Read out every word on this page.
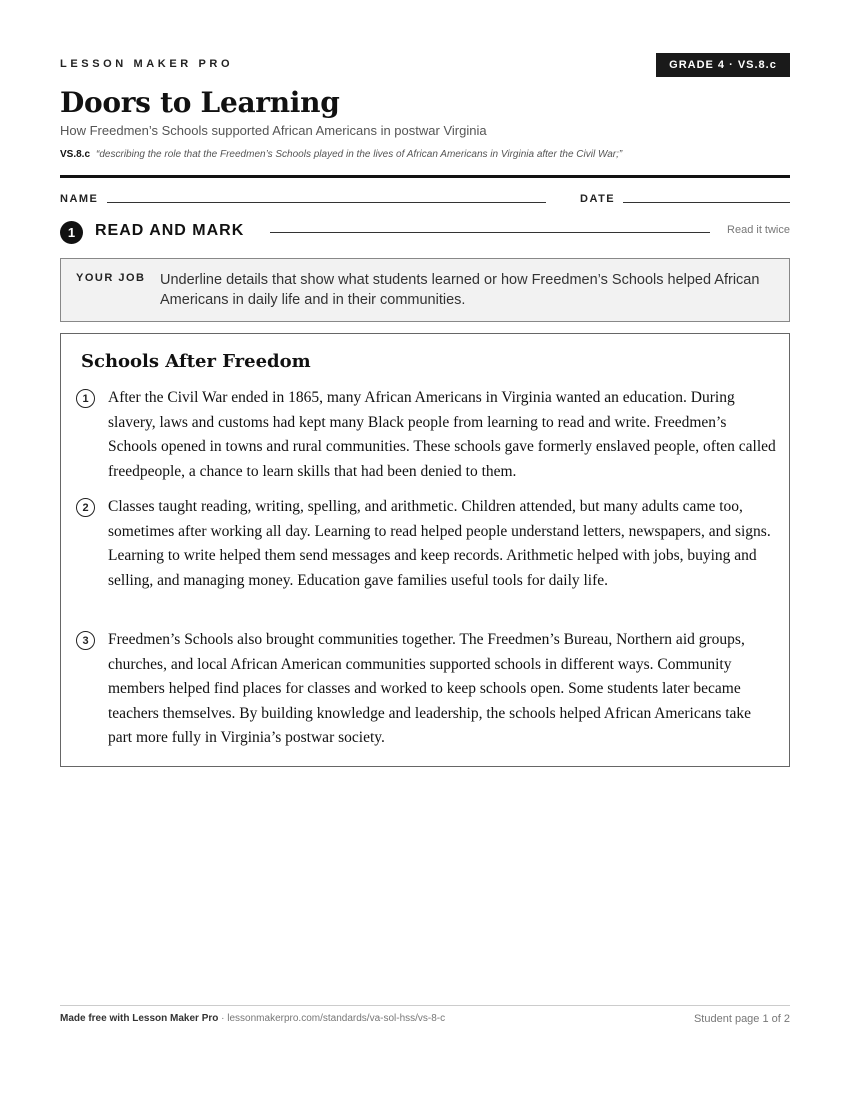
LESSON MAKER PRO	GRADE 4 · VS.8.c
Doors to Learning
How Freedmen’s Schools supported African Americans in postwar Virginia
VS.8.c “describing the role that the Freedmen’s Schools played in the lives of African Americans in Virginia after the Civil War;”
NAME	DATE
1	READ AND MARK	Read it twice
YOUR JOB Underline details that show what students learned or how Freedmen’s Schools helped African Americans in daily life and in their communities.
Schools After Freedom
1	After the Civil War ended in 1865, many African Americans in Virginia wanted an education. During slavery, laws and customs had kept many Black people from learning to read and write. Freedmen’s Schools opened in towns and rural communities. These schools gave formerly enslaved people, often called freedpeople, a chance to learn skills that had been denied to them.
2	Classes taught reading, writing, spelling, and arithmetic. Children attended, but many adults came too, sometimes after working all day. Learning to read helped people understand letters, newspapers, and signs. Learning to write helped them send messages and keep records. Arithmetic helped with jobs, buying and selling, and managing money. Education gave families useful tools for daily life.
3	Freedmen’s Schools also brought communities together. The Freedmen’s Bureau, Northern aid groups, churches, and local African American communities supported schools in different ways. Community members helped find places for classes and worked to keep schools open. Some students later became teachers themselves. By building knowledge and leadership, the schools helped African Americans take part more fully in Virginia’s postwar society.
Made free with Lesson Maker Pro · lessonmakerpro.com/standards/va-sol-hss/vs-8-c	Student page 1 of 2
